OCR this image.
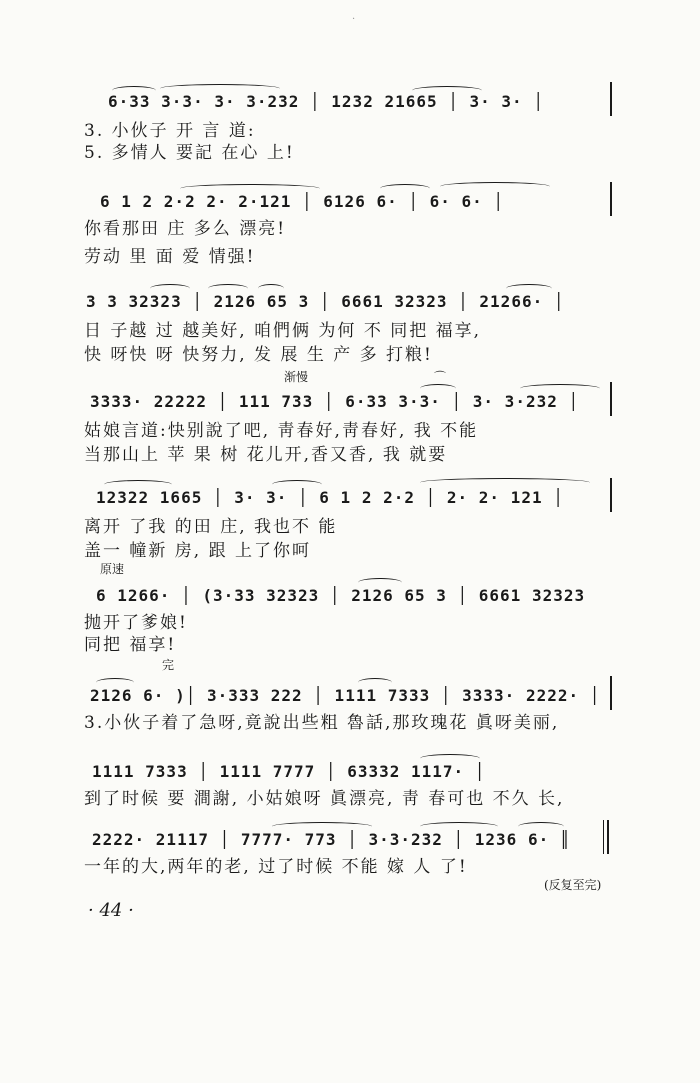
·
6·33 3·3· 3· 3·232 │ 1232 21665 │ 3· 3· │
3. 小伙子 开 言 道:
5. 多情人 要記 在心 上!
6 1 2 2·2 2· 2·121 │ 6126 6· │ 6· 6· │
你看那田 庄 多么 漂亮!
劳动 里 面 爱 情强!
3 3 32323 │ 2126 65 3 │ 6661 32323 │ 21266· │
日 子越 过 越美好, 咱們俩 为何 不 同把 福享,
快 呀快 呀 快努力, 发 展 生 产 多 打粮!
渐慢	⌒
3333· 22222 │ 111 733 │ 6·33 3·3· │ 3· 3·232 │
姑娘言道:快别說了吧, 靑春好,靑春好, 我 不能
当那山上 苹 果 树 花儿开,香又香, 我 就要
12322 1665 │ 3· 3· │ 6 1 2 2·2 │ 2· 2· 121 │
离开 了我 的田 庄, 我也不 能
盖一 幢新 房, 跟 上了你呵
原速
6 1266· │ (3·33 32323 │ 2126 65 3 │ 6661 32323
抛开了爹娘!
同把 福享!
完
2126 6· )│ 3·333 222 │ 1111 7333 │ 3333· 2222· │
3.小伙子着了急呀,竟說出些粗 魯話,那玫瑰花 眞呀美丽,
1111 7333 │ 1111 7777 │ 63332 1117· │
到了时候 要 澗謝, 小姑娘呀 眞漂亮, 靑 春可也 不久 长,
2222· 21117 │ 7777· 773 │ 3·3·232 │ 1236 6· ║
一年的大,两年的老, 过了时候 不能 嫁 人 了!
(反复至完)
· 44 ·
